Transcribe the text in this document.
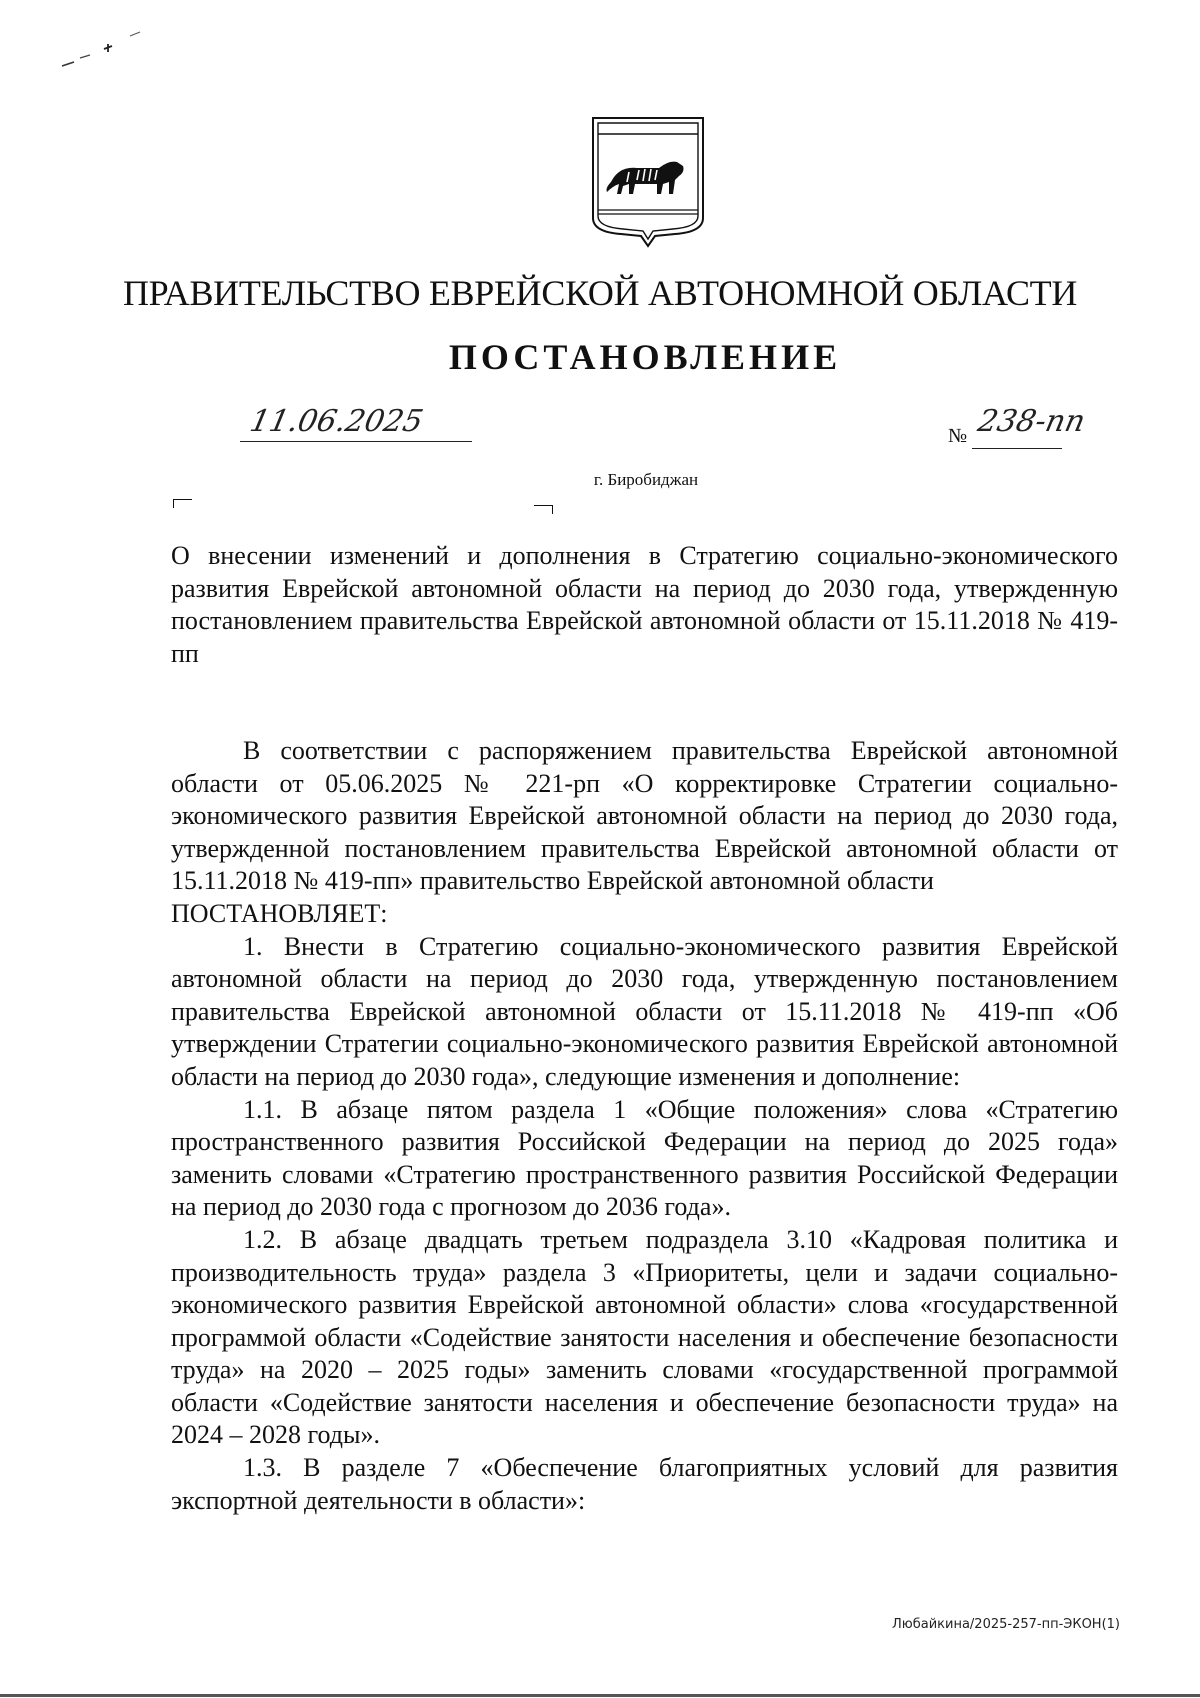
ПРАВИТЕЛЬСТВО ЕВРЕЙСКОЙ АВТОНОМНОЙ ОБЛАСТИ
ПОСТАНОВЛЕНИЕ
11.06.2025	№ 238-пп
г. Биробиджан
О внесении изменений и дополнения в Стратегию социально-экономического развития Еврейской автономной области на период до 2030 года, утвержденную постановлением правительства Еврейской автономной области от 15.11.2018 № 419-пп

В соответствии с распоряжением правительства Еврейской автономной области от 05.06.2025 № 221-рп «О корректировке Стратегии социально-экономического развития Еврейской автономной области на период до 2030 года, утвержденной постановлением правительства Еврейской автономной области от 15.11.2018 № 419-пп» правительство Еврейской автономной области

ПОСТАНОВЛЯЕТ:

1. Внести в Стратегию социально-экономического развития Еврейской автономной области на период до 2030 года, утвержденную постановлением правительства Еврейской автономной области от 15.11.2018 № 419-пп «Об утверждении Стратегии социально-экономического развития Еврейской автономной области на период до 2030 года», следующие изменения и дополнение:

1.1. В абзаце пятом раздела 1 «Общие положения» слова «Стратегию пространственного развития Российской Федерации на период до 2025 года» заменить словами «Стратегию пространственного развития Российской Федерации на период до 2030 года с прогнозом до 2036 года».

1.2. В абзаце двадцать третьем подраздела 3.10 «Кадровая политика и производительность труда» раздела 3 «Приоритеты, цели и задачи социально-экономического развития Еврейской автономной области» слова «государственной программой области «Содействие занятости населения и обеспечение безопасности труда» на 2020 – 2025 годы» заменить словами «государственной программой области «Содействие занятости населения и обеспечение безопасности труда» на 2024 – 2028 годы».

1.3. В разделе 7 «Обеспечение благоприятных условий для развития экспортной деятельности в области»:

Любайкина/2025-257-пп-ЭКОН(1)
